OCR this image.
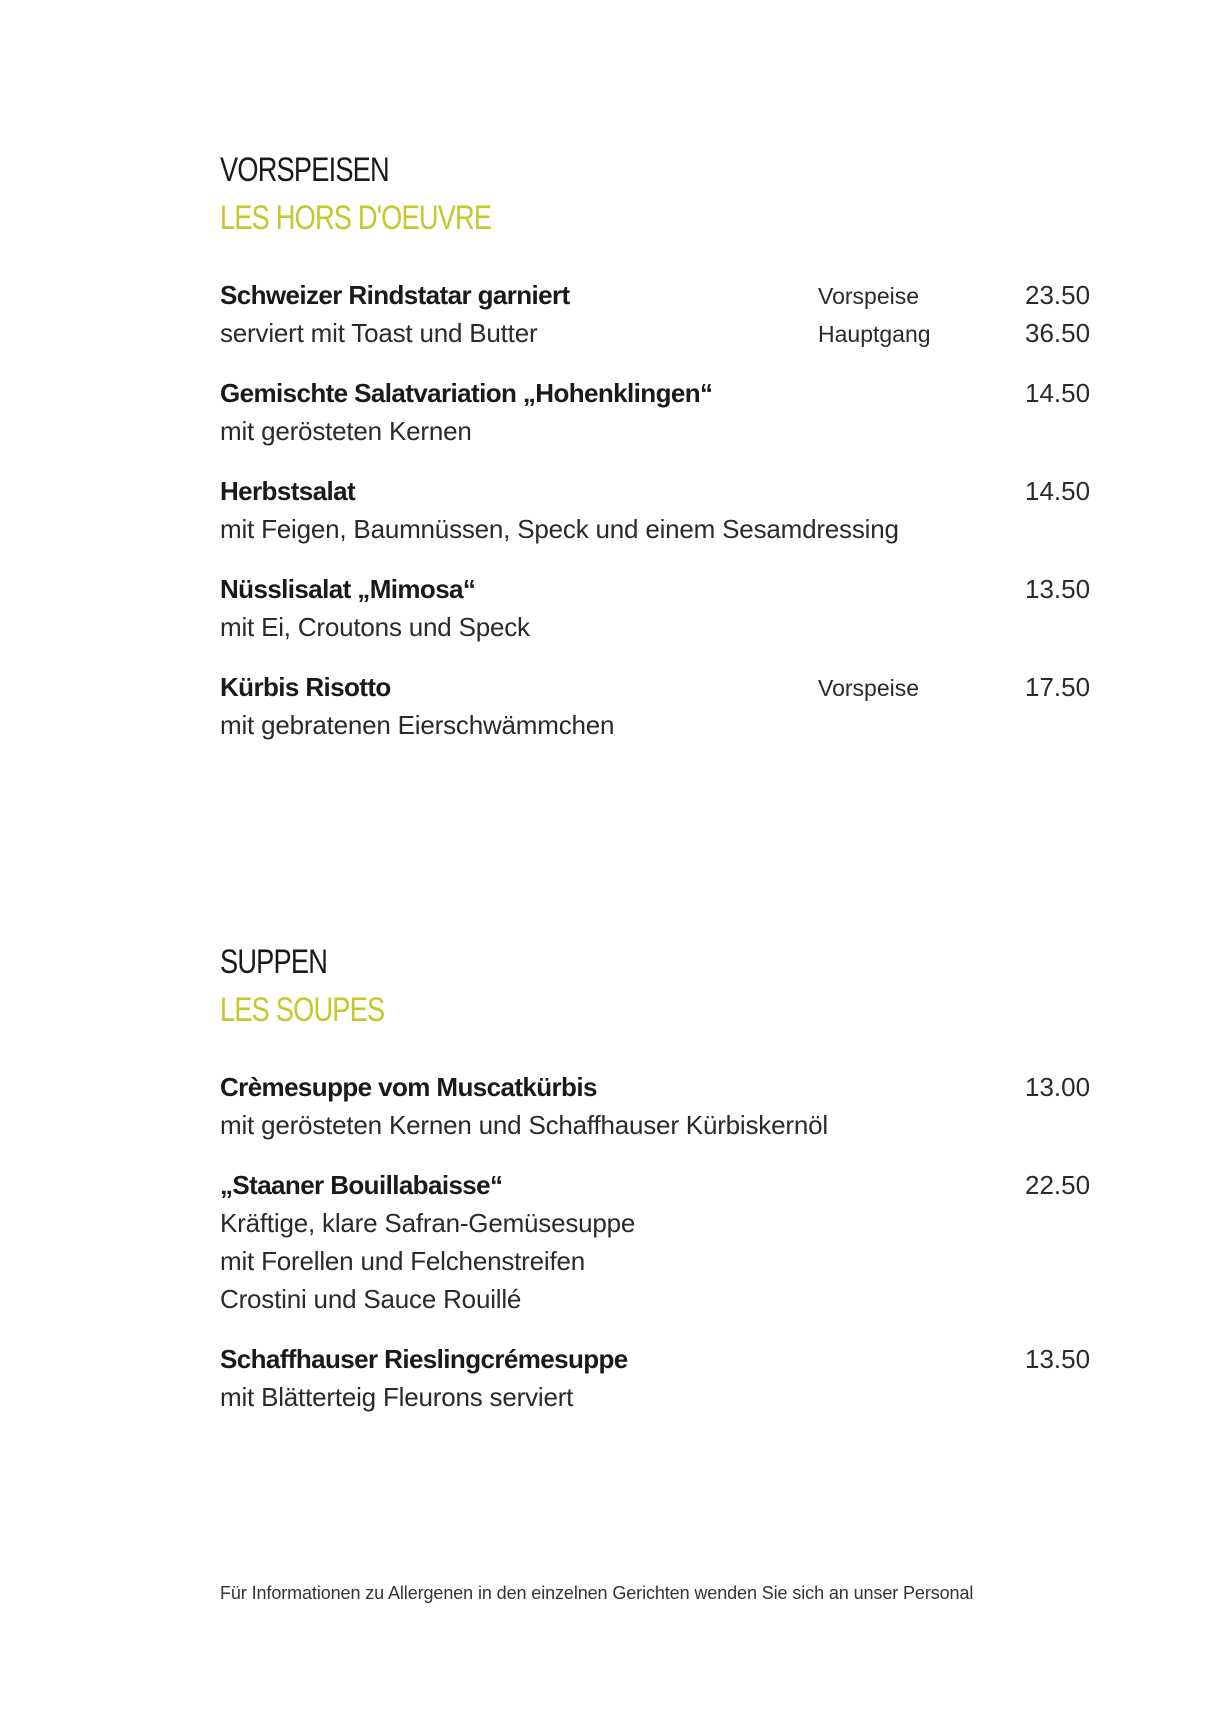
VORSPEISEN
LES HORS D'OEUVRE
Schweizer Rindstatar garniert	Vorspeise	23.50
serviert mit Toast und Butter	Hauptgang	36.50
Gemischte Salatvariation „Hohenklingen“	14.50
mit gerösteten Kernen
Herbstsalat	14.50
mit Feigen, Baumnüssen, Speck und einem Sesamdressing
Nüsslisalat „Mimosa“	13.50
mit Ei, Croutons und Speck
Kürbis Risotto	Vorspeise	17.50
mit gebratenen Eierschwämmchen
SUPPEN
LES SOUPES
Crèmesuppe vom Muscatkürbis	13.00
mit gerösteten Kernen und Schaffhauser Kürbiskernöl
„Staaner Bouillabaisse“	22.50
Kräftige, klare Safran-Gemüsesuppe
mit Forellen und Felchenstreifen
Crostini und Sauce Rouillé
Schaffhauser Rieslingcrémesuppe	13.50
mit Blätterteig Fleurons serviert
Für Informationen zu Allergenen in den einzelnen Gerichten wenden Sie sich an unser Personal
